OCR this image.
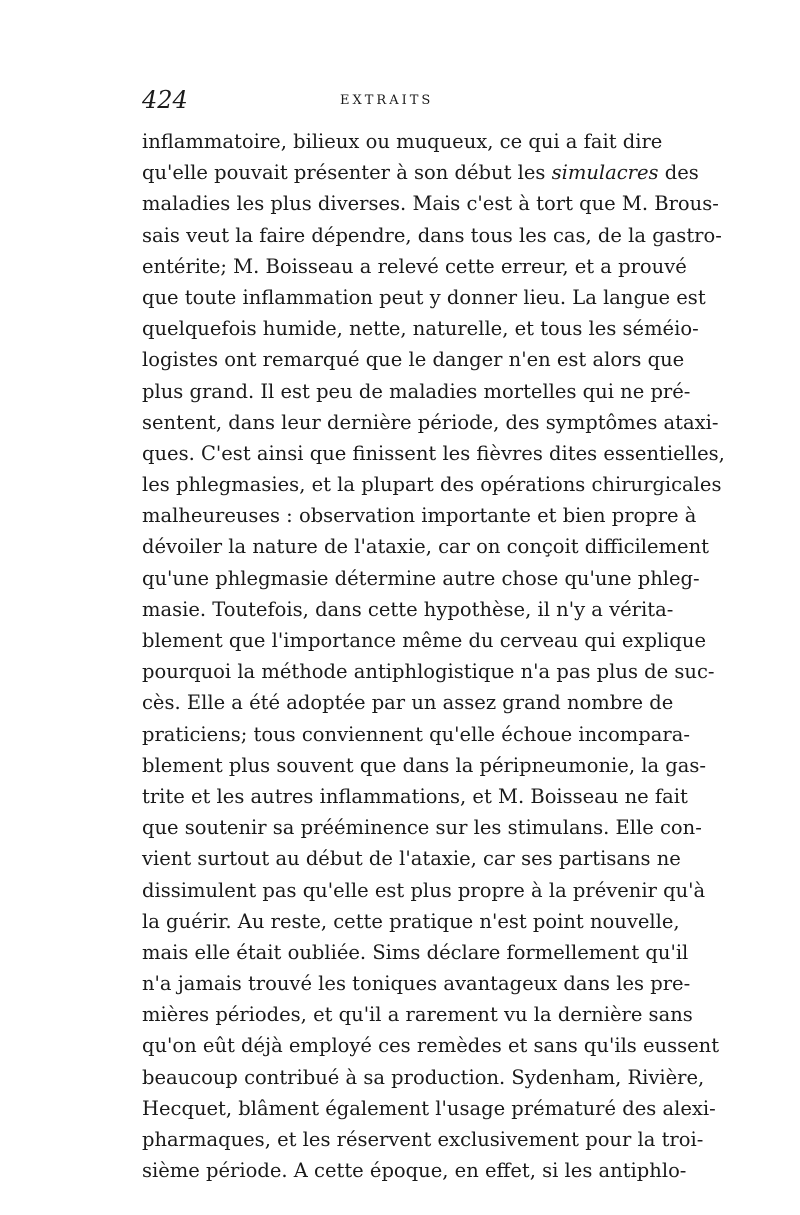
424	EXTRAITS
inflammatoire, bilieux ou muqueux, ce qui a fait dire
qu'elle pouvait présenter à son début les simulacres des
maladies les plus diverses. Mais c'est à tort que M. Brous-
sais veut la faire dépendre, dans tous les cas, de la gastro-
entérite; M. Boisseau a relevé cette erreur, et a prouvé
que toute inflammation peut y donner lieu. La langue est
quelquefois humide, nette, naturelle, et tous les séméio-
logistes ont remarqué que le danger n'en est alors que
plus grand. Il est peu de maladies mortelles qui ne pré-
sentent, dans leur dernière période, des symptômes ataxi-
ques. C'est ainsi que finissent les fièvres dites essentielles,
les phlegmasies, et la plupart des opérations chirurgicales
malheureuses : observation importante et bien propre à
dévoiler la nature de l'ataxie, car on conçoit difficilement
qu'une phlegmasie détermine autre chose qu'une phleg-
masie. Toutefois, dans cette hypothèse, il n'y a vérita-
blement que l'importance même du cerveau qui explique
pourquoi la méthode antiphlogistique n'a pas plus de suc-
cès. Elle a été adoptée par un assez grand nombre de
praticiens; tous conviennent qu'elle échoue incompara-
blement plus souvent que dans la péripneumonie, la gas-
trite et les autres inflammations, et M. Boisseau ne fait
que soutenir sa prééminence sur les stimulans. Elle con-
vient surtout au début de l'ataxie, car ses partisans ne
dissimulent pas qu'elle est plus propre à la prévenir qu'à
la guérir. Au reste, cette pratique n'est point nouvelle,
mais elle était oubliée. Sims déclare formellement qu'il
n'a jamais trouvé les toniques avantageux dans les pre-
mières périodes, et qu'il a rarement vu la dernière sans
qu'on eût déjà employé ces remèdes et sans qu'ils eussent
beaucoup contribué à sa production. Sydenham, Rivière,
Hecquet, blâment également l'usage prématuré des alexi-
pharmaques, et les réservent exclusivement pour la troi-
sième période. A cette époque, en effet, si les antiphlo-
